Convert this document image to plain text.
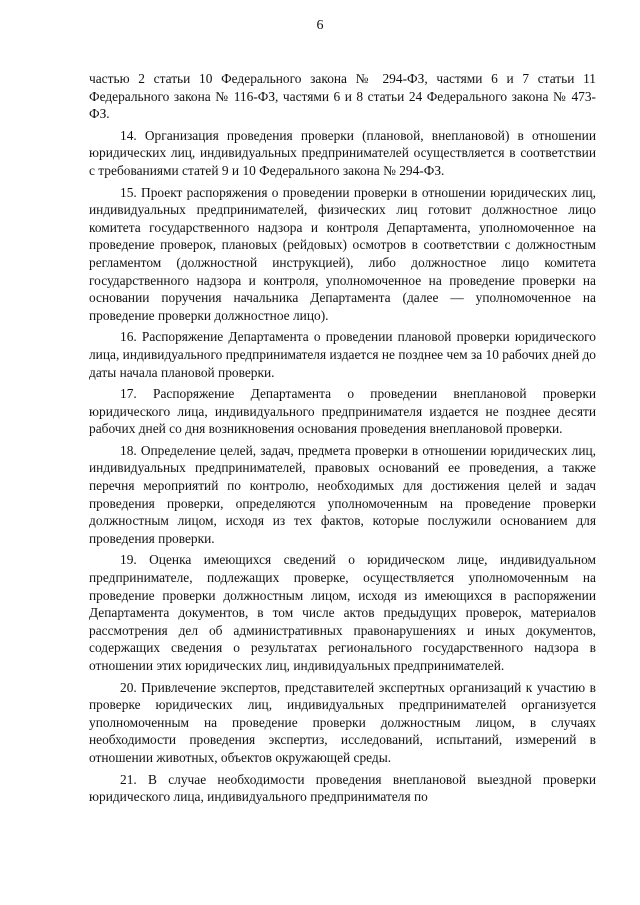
6

частью 2 статьи 10 Федерального закона № 294-ФЗ, частями 6 и 7 статьи 11 Федерального закона № 116-ФЗ, частями 6 и 8 статьи 24 Федерального закона № 473-ФЗ.

14. Организация проведения проверки (плановой, внеплановой) в отношении юридических лиц, индивидуальных предпринимателей осуществляется в соответствии с требованиями статей 9 и 10 Федерального закона № 294-ФЗ.

15. Проект распоряжения о проведении проверки в отношении юридических лиц, индивидуальных предпринимателей, физических лиц готовит должностное лицо комитета государственного надзора и контроля Департамента, уполномоченное на проведение проверок, плановых (рейдовых) осмотров в соответствии с должностным регламентом (должностной инструкцией), либо должностное лицо комитета государственного надзора и контроля, уполномоченное на проведение проверки на основании поручения начальника Департамента (далее — уполномоченное на проведение проверки должностное лицо).

16. Распоряжение Департамента о проведении плановой проверки юридического лица, индивидуального предпринимателя издается не позднее чем за 10 рабочих дней до даты начала плановой проверки.

17. Распоряжение Департамента о проведении внеплановой проверки юридического лица, индивидуального предпринимателя издается не позднее десяти рабочих дней со дня возникновения основания проведения внеплановой проверки.

18. Определение целей, задач, предмета проверки в отношении юридических лиц, индивидуальных предпринимателей, правовых оснований ее проведения, а также перечня мероприятий по контролю, необходимых для достижения целей и задач проведения проверки, определяются уполномоченным на проведение проверки должностным лицом, исходя из тех фактов, которые послужили основанием для проведения проверки.

19. Оценка имеющихся сведений о юридическом лице, индивидуальном предпринимателе, подлежащих проверке, осуществляется уполномоченным на проведение проверки должностным лицом, исходя из имеющихся в распоряжении Департамента документов, в том числе актов предыдущих проверок, материалов рассмотрения дел об административных правонарушениях и иных документов, содержащих сведения о результатах регионального государственного надзора в отношении этих юридических лиц, индивидуальных предпринимателей.

20. Привлечение экспертов, представителей экспертных организаций к участию в проверке юридических лиц, индивидуальных предпринимателей организуется уполномоченным на проведение проверки должностным лицом, в случаях необходимости проведения экспертиз, исследований, испытаний, измерений в отношении животных, объектов окружающей среды.

21. В случае необходимости проведения внеплановой выездной проверки юридического лица, индивидуального предпринимателя по
